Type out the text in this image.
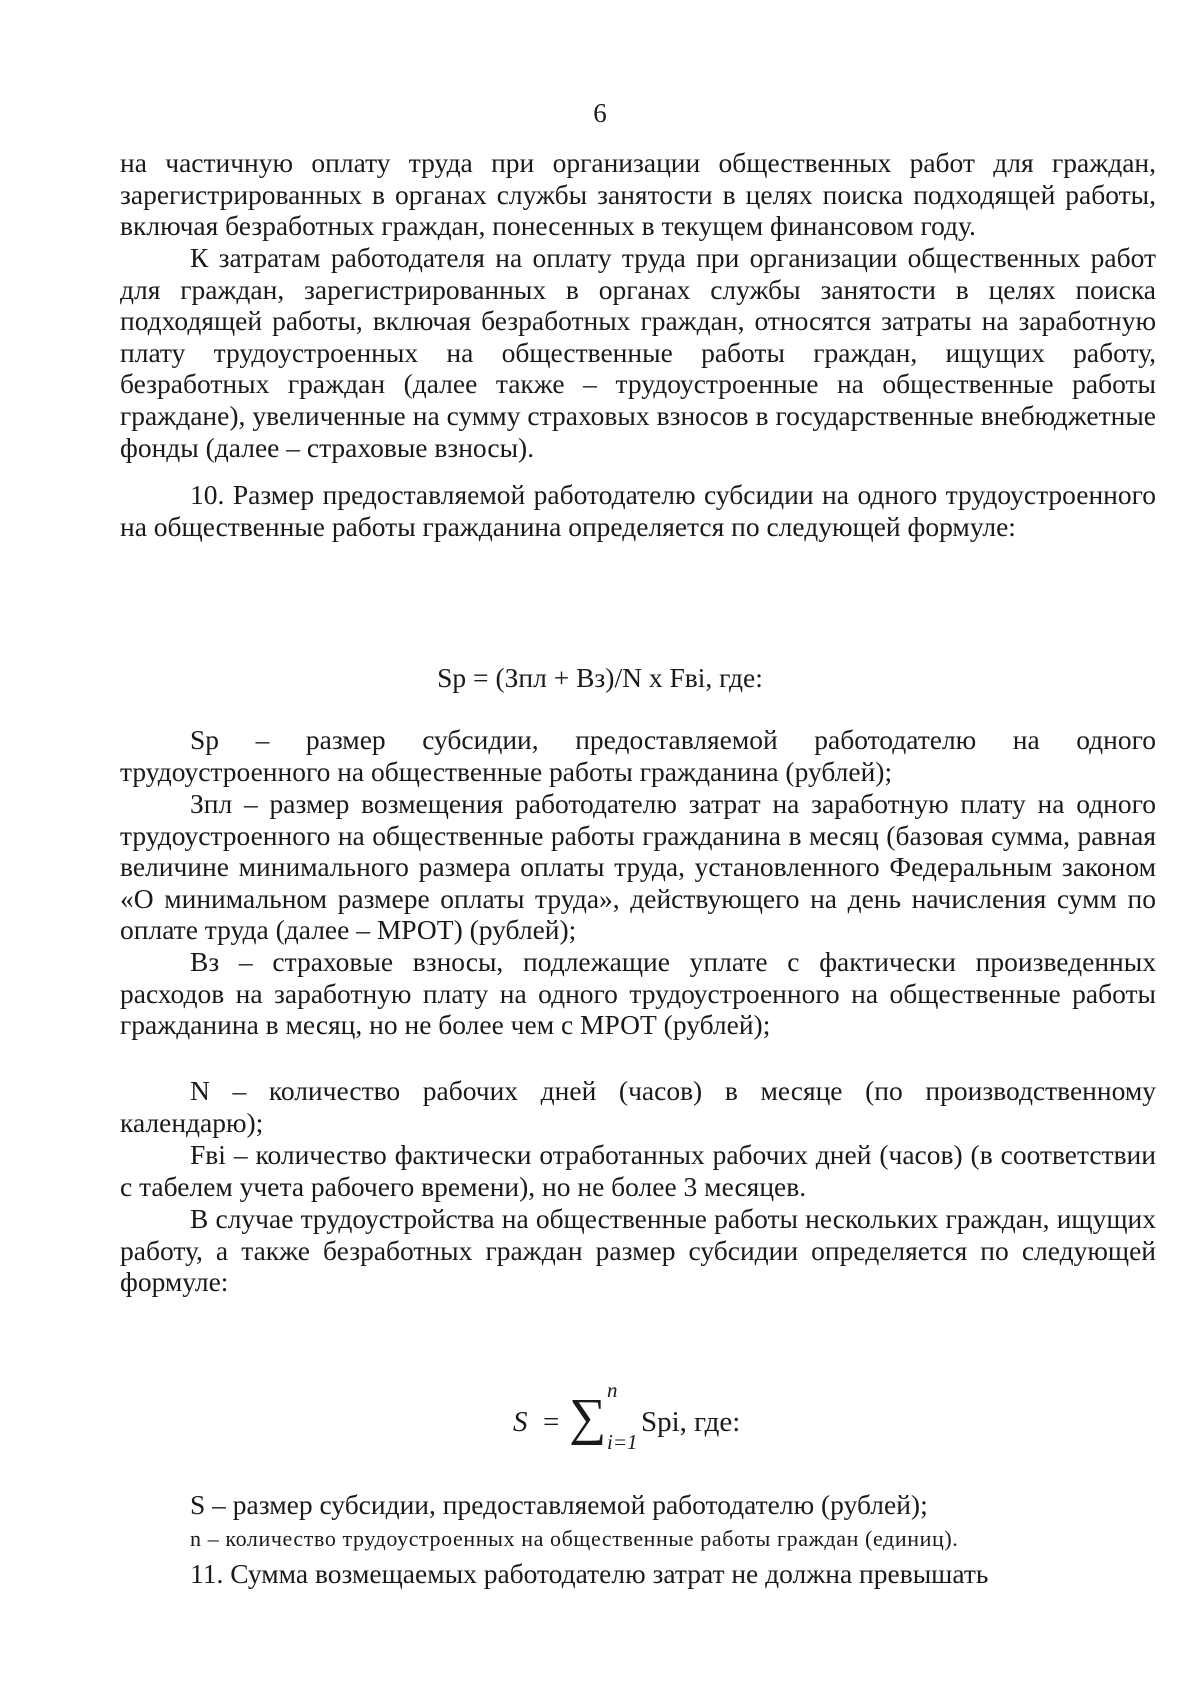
6

на частичную оплату труда при организации общественных работ для граждан, зарегистрированных в органах службы занятости в целях поиска подходящей работы, включая безработных граждан, понесенных в текущем финансовом году.

К затратам работодателя на оплату труда при организации общественных работ для граждан, зарегистрированных в органах службы занятости в целях поиска подходящей работы, включая безработных граждан, относятся затраты на заработную плату трудоустроенных на общественные работы граждан, ищущих работу, безработных граждан (далее также – трудоустроенные на общественные работы граждане), увеличенные на сумму страховых взносов в государственные внебюджетные фонды (далее – страховые взносы).

10. Размер предоставляемой работодателю субсидии на одного трудоустроенного на общественные работы гражданина определяется по следующей формуле:

Sp = (Зпл + Вз)/N х Fвi, где:

Sp – размер субсидии, предоставляемой работодателю на одного трудоустроенного на общественные работы гражданина (рублей);

Зпл – размер возмещения работодателю затрат на заработную плату на одного трудоустроенного на общественные работы гражданина в месяц (базовая сумма, равная величине минимального размера оплаты труда, установленного Федеральным законом «О минимальном размере оплаты труда», действующего на день начисления сумм по оплате труда (далее – МРОТ) (рублей);

Вз – страховые взносы, подлежащие уплате с фактически произведенных расходов на заработную плату на одного трудоустроенного на общественные работы гражданина в месяц, но не более чем с МРОТ (рублей);

N – количество рабочих дней (часов) в месяце (по производственному календарю);

Fвi – количество фактически отработанных рабочих дней (часов) (в соответствии с табелем учета рабочего времени), но не более 3 месяцев.

В случае трудоустройства на общественные работы нескольких граждан, ищущих работу, а также безработных граждан размер субсидии определяется по следующей формуле:

S = ∑ n
i=1
Spi, где:

S – размер субсидии, предоставляемой работодателю (рублей);

n – количество трудоустроенных на общественные работы граждан (единиц).

11. Сумма возмещаемых работодателю затрат не должна превышать
